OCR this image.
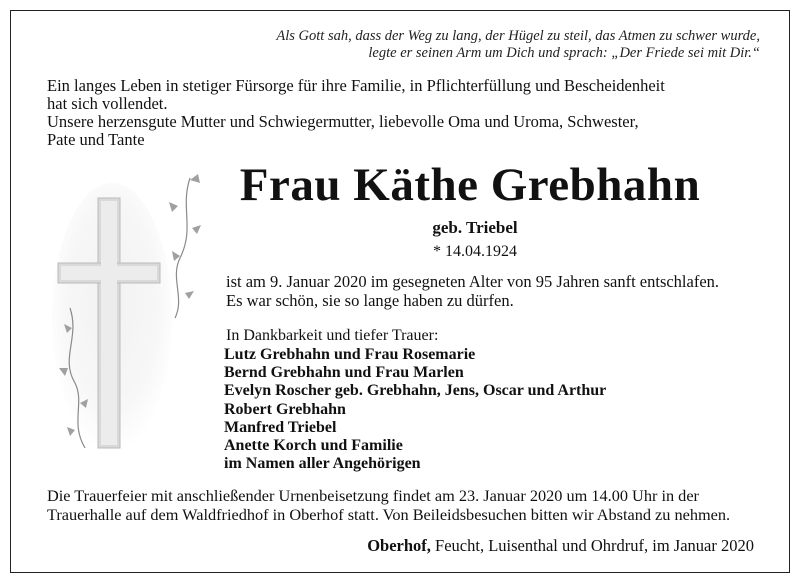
Als Gott sah, dass der Weg zu lang, der Hügel zu steil, das Atmen zu schwer wurde,
legte er seinen Arm um Dich und sprach: „Der Friede sei mit Dir.“
Ein langes Leben in stetiger Fürsorge für ihre Familie, in Pflichterfüllung und Bescheidenheit
hat sich vollendet.
Unsere herzensgute Mutter und Schwiegermutter, liebevolle Oma und Uroma, Schwester,
Pate und Tante
Frau Käthe Grebhahn
geb. Triebel
* 14.04.1924
ist am 9. Januar 2020 im gesegneten Alter von 95 Jahren sanft entschlafen.
Es war schön, sie so lange haben zu dürfen.
In Dankbarkeit und tiefer Trauer:
Lutz Grebhahn und Frau Rosemarie
Bernd Grebhahn und Frau Marlen
Evelyn Roscher geb. Grebhahn, Jens, Oscar und Arthur
Robert Grebhahn
Manfred Triebel
Anette Korch und Familie
im Namen aller Angehörigen
Die Trauerfeier mit anschließender Urnenbeisetzung findet am 23. Januar 2020 um 14.00 Uhr in der
Trauerhalle auf dem Waldfriedhof in Oberhof statt. Von Beileidsbesuchen bitten wir Abstand zu nehmen.
Oberhof, Feucht, Luisenthal und Ohrdruf, im Januar 2020
